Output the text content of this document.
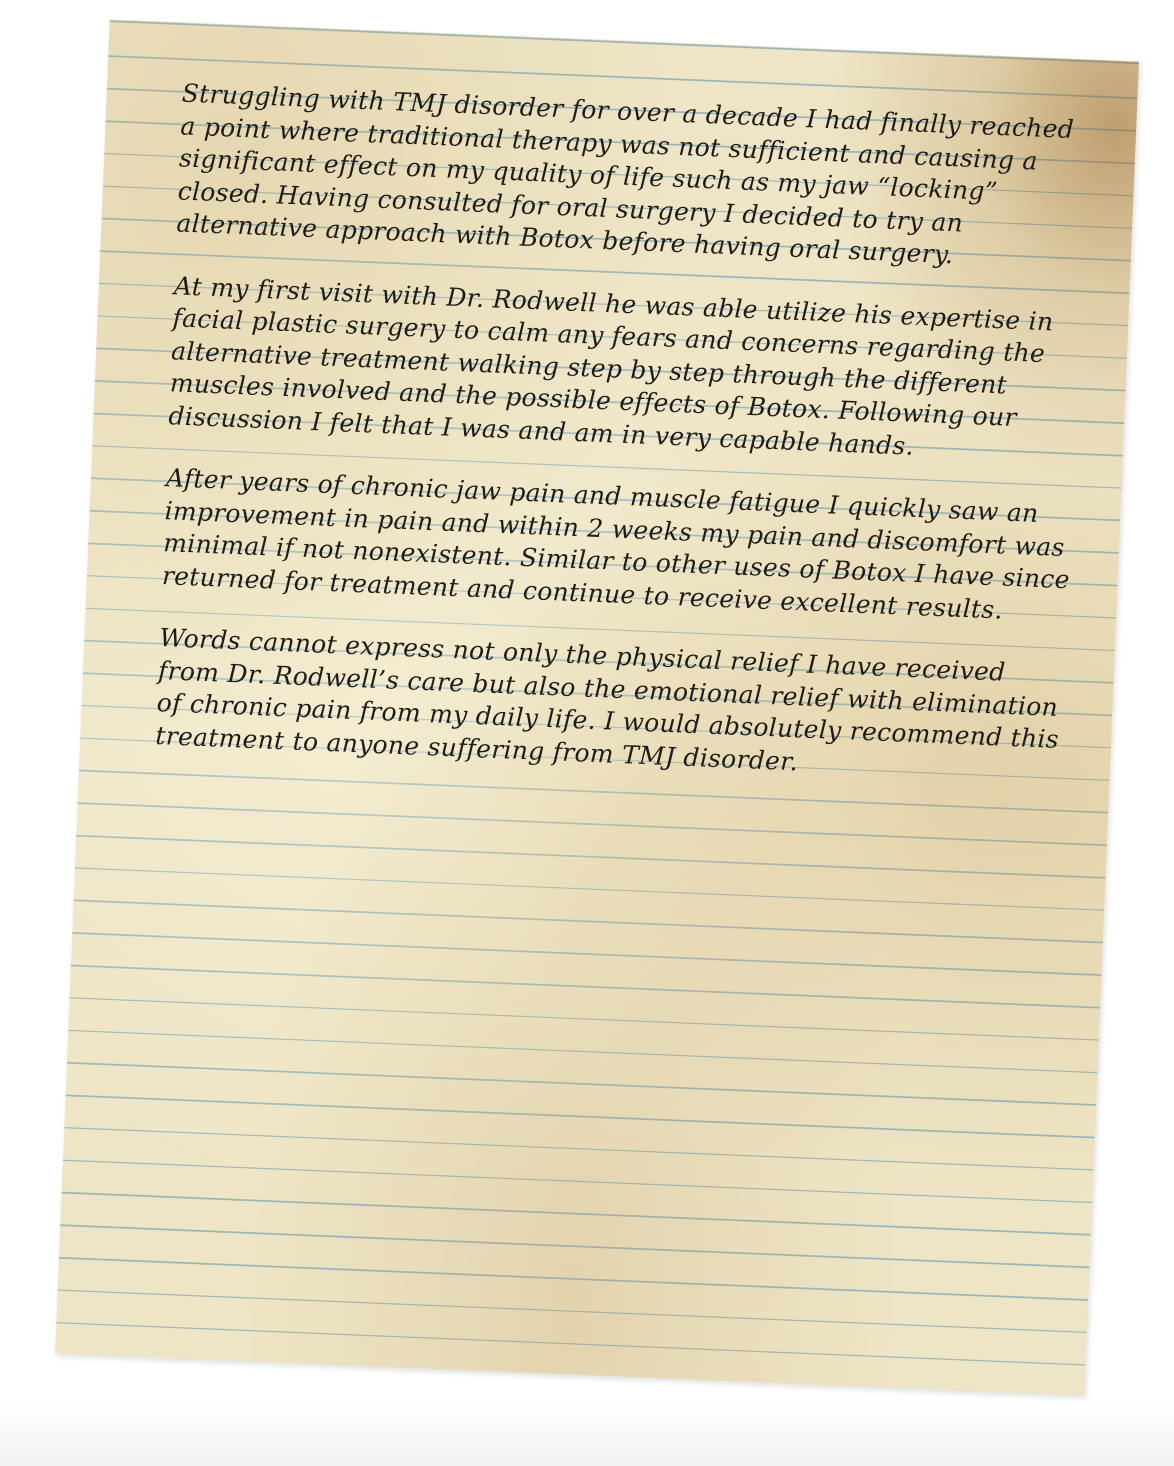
Struggling with TMJ disorder for over a decade I had finally reached a point where traditional therapy was not sufficient and causing a significant effect on my quality of life such as my jaw “locking” closed. Having consulted for oral surgery I decided to try an alternative approach with Botox before having oral surgery.

At my first visit with Dr. Rodwell he was able utilize his expertise in facial plastic surgery to calm any fears and concerns regarding the alternative treatment walking step by step through the different muscles involved and the possible effects of Botox. Following our discussion I felt that I was and am in very capable hands.

After years of chronic jaw pain and muscle fatigue I quickly saw an improvement in pain and within 2 weeks my pain and discomfort was minimal if not nonexistent. Similar to other uses of Botox I have since returned for treatment and continue to receive excellent results.

Words cannot express not only the physical relief I have received from Dr. Rodwell’s care but also the emotional relief with elimination of chronic pain from my daily life. I would absolutely recommend this treatment to anyone suffering from TMJ disorder.
